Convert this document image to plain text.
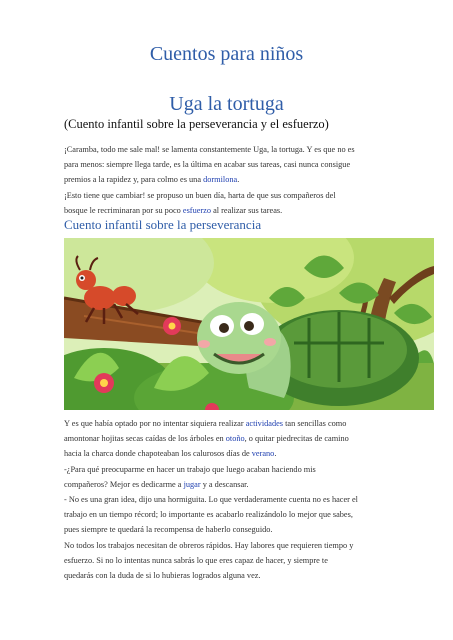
Cuentos para niños
Uga la tortuga
(Cuento infantil sobre la perseverancia y el esfuerzo)

¡Caramba, todo me sale mal! se lamenta constantemente Uga, la tortuga. Y es que no es

para menos: siempre llega tarde, es la última en acabar sus tareas, casi nunca consigue

premios a la rapidez y, para colmo es una dormilona.

¡Esto tiene que cambiar! se propuso un buen día, harta de que sus compañeros del

bosque le recriminaran por su poco esfuerzo al realizar sus tareas.

Cuento infantil sobre la perseverancia

Y es que había optado por no intentar siquiera realizar actividades tan sencillas como

amontonar hojitas secas caídas de los árboles en otoño, o quitar piedrecitas de camino

hacia la charca donde chapoteaban los calurosos días de verano.

-¿Para qué preocuparme en hacer un trabajo que luego acaban haciendo mis

compañeros? Mejor es dedicarme a jugar y a descansar.

- No es una gran idea, dijo una hormiguita. Lo que verdaderamente cuenta no es hacer el

trabajo en un tiempo récord; lo importante es acabarlo realizándolo lo mejor que sabes,

pues siempre te quedará la recompensa de haberlo conseguido.

No todos los trabajos necesitan de obreros rápidos. Hay labores que requieren tiempo y

esfuerzo. Si no lo intentas nunca sabrás lo que eres capaz de hacer, y siempre te

quedarás con la duda de si lo hubieras logrados alguna vez.
